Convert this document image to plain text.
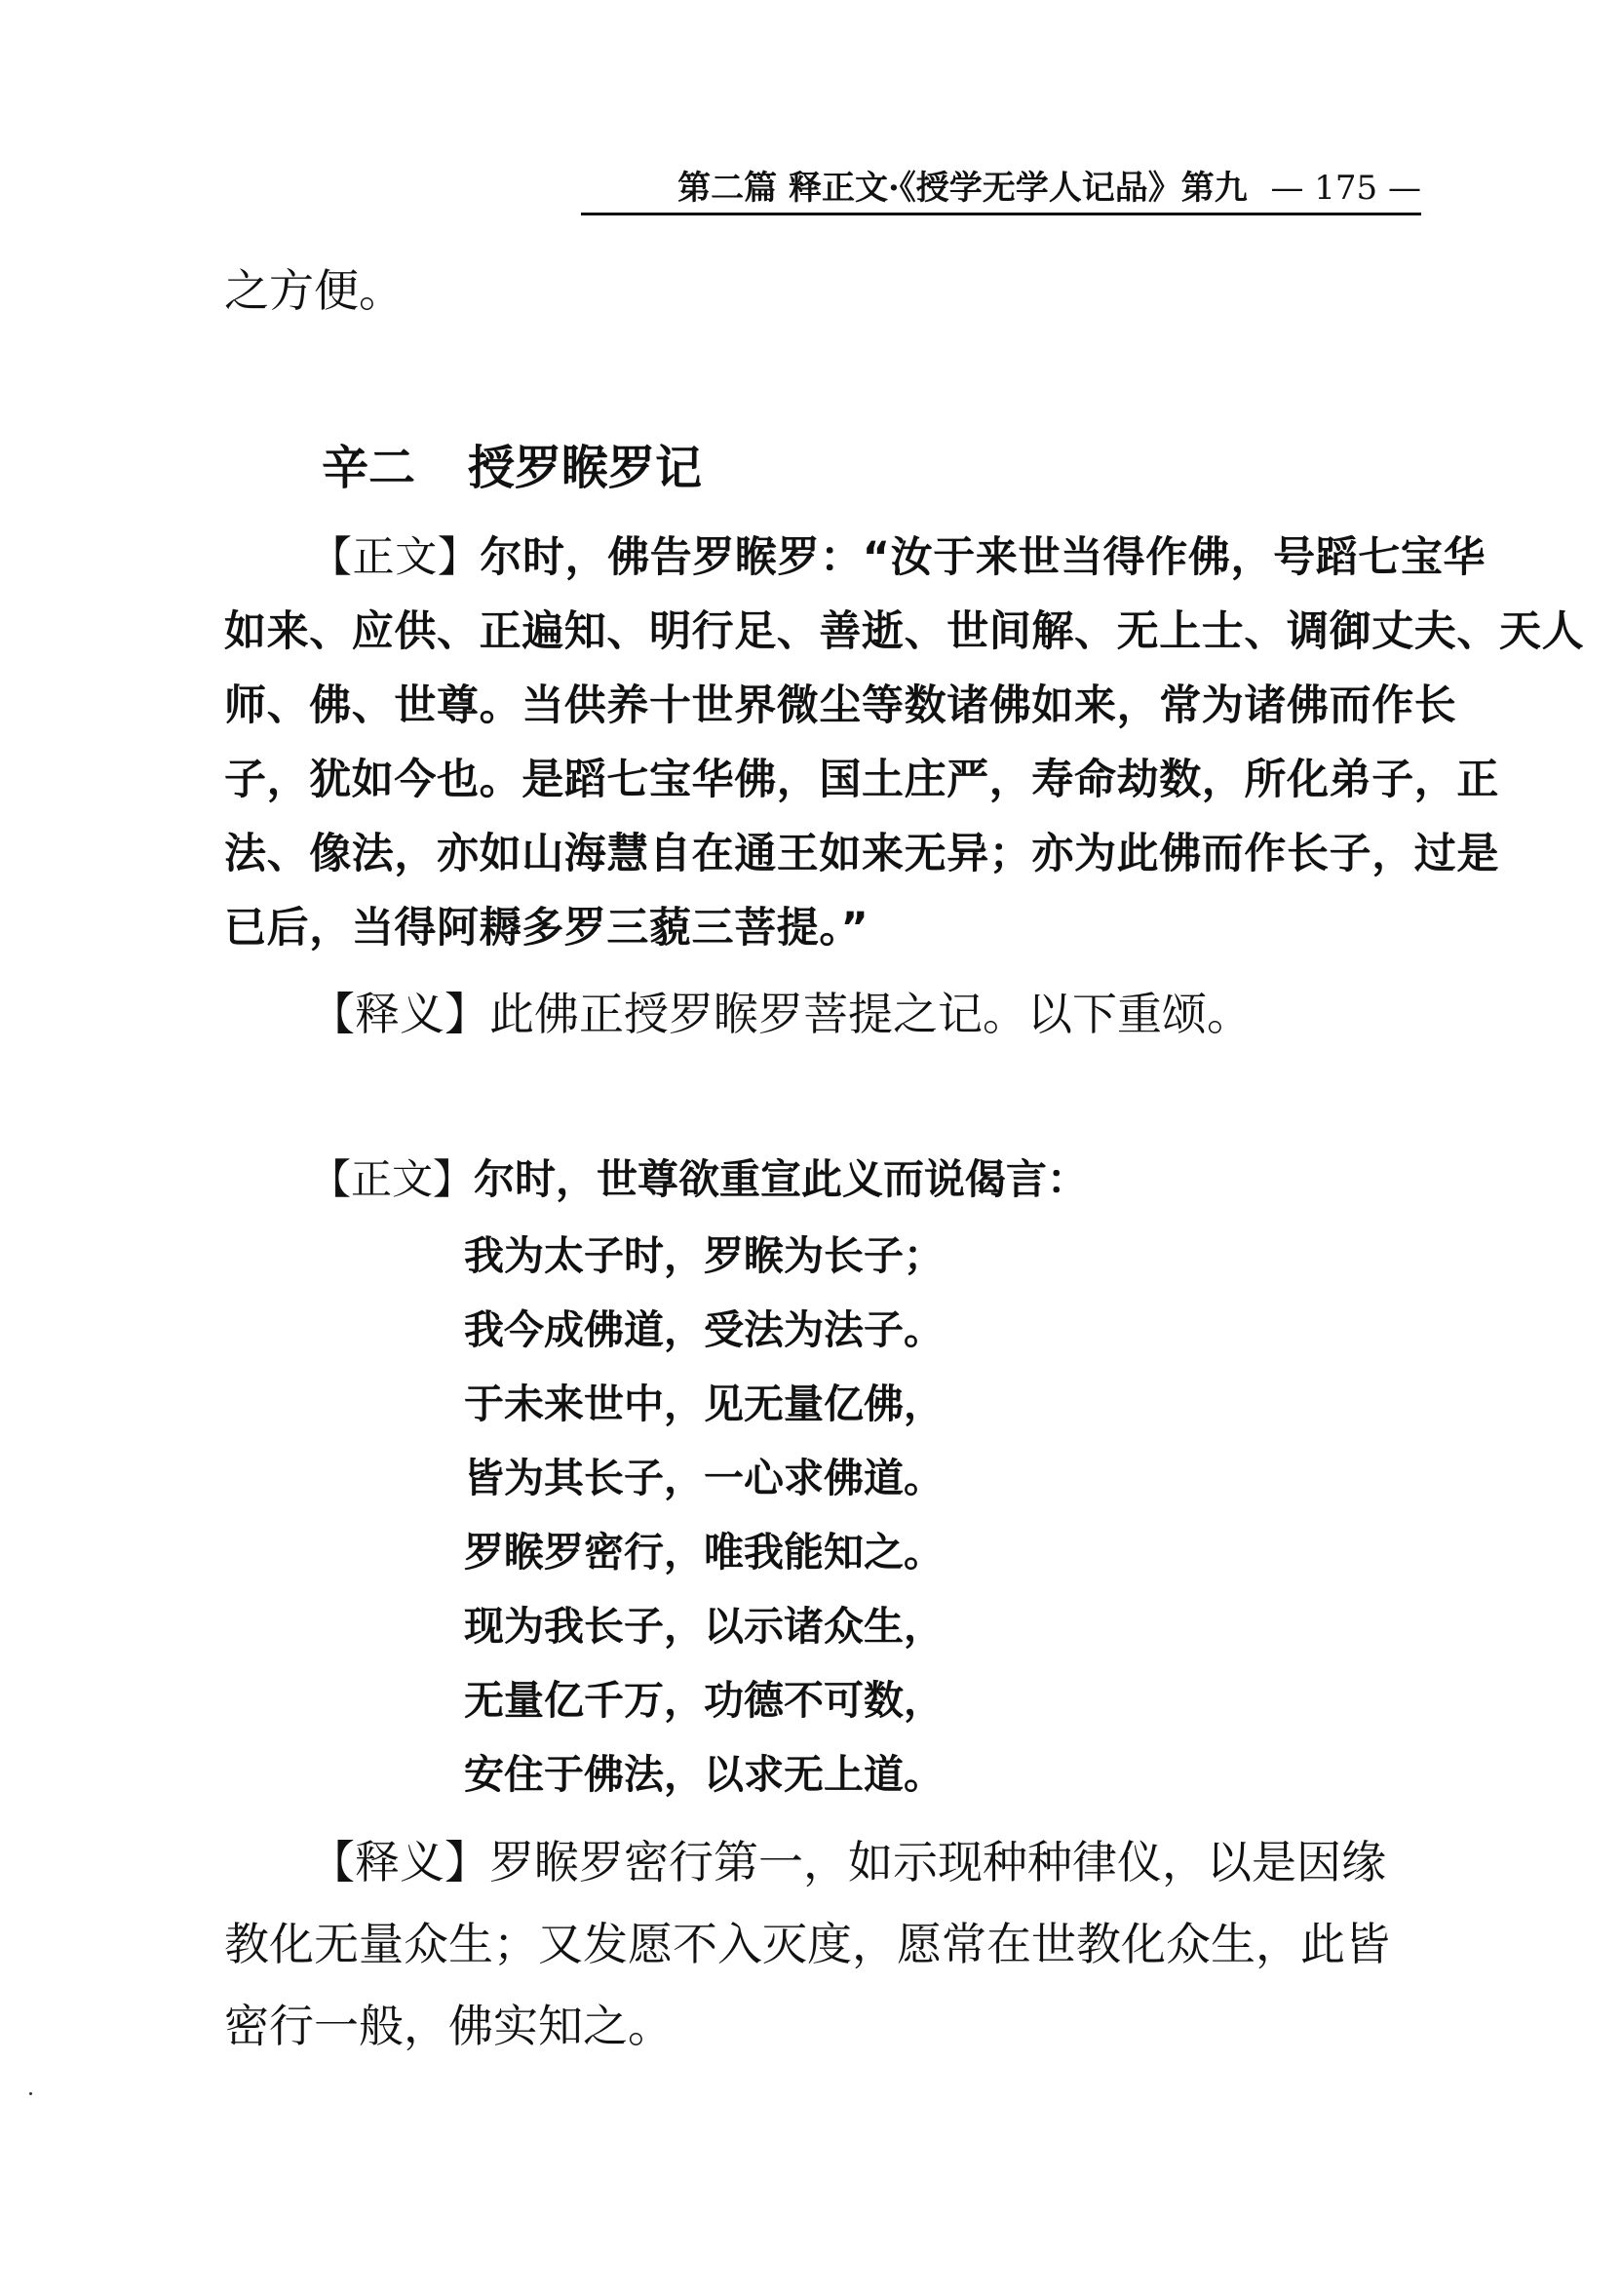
第二篇 释正文·《授学无学人记品》第九 — 175 —
之方便。
辛二 授罗睺罗记
【正文】尔时，佛告罗睺罗：“汝于来世当得作佛，号蹈七宝华
如来、应供、正遍知、明行足、善逝、世间解、无上士、调御丈夫、天人
师、佛、世尊。当供养十世界微尘等数诸佛如来，常为诸佛而作长
子，犹如今也。是蹈七宝华佛，国土庄严，寿命劫数，所化弟子，正
法、像法，亦如山海慧自在通王如来无异；亦为此佛而作长子，过是
已后，当得阿耨多罗三藐三菩提。”
【释义】此佛正授罗睺罗菩提之记。以下重颂。
【正文】尔时，世尊欲重宣此义而说偈言：
我为太子时，罗睺为长子；
我今成佛道，受法为法子。
于未来世中，见无量亿佛，
皆为其长子，一心求佛道。
罗睺罗密行，唯我能知之。
现为我长子，以示诸众生，
无量亿千万，功德不可数，
安住于佛法，以求无上道。
【释义】罗睺罗密行第一，如示现种种律仪，以是因缘
教化无量众生；又发愿不入灭度，愿常在世教化众生，此皆
密行一般，佛实知之。
